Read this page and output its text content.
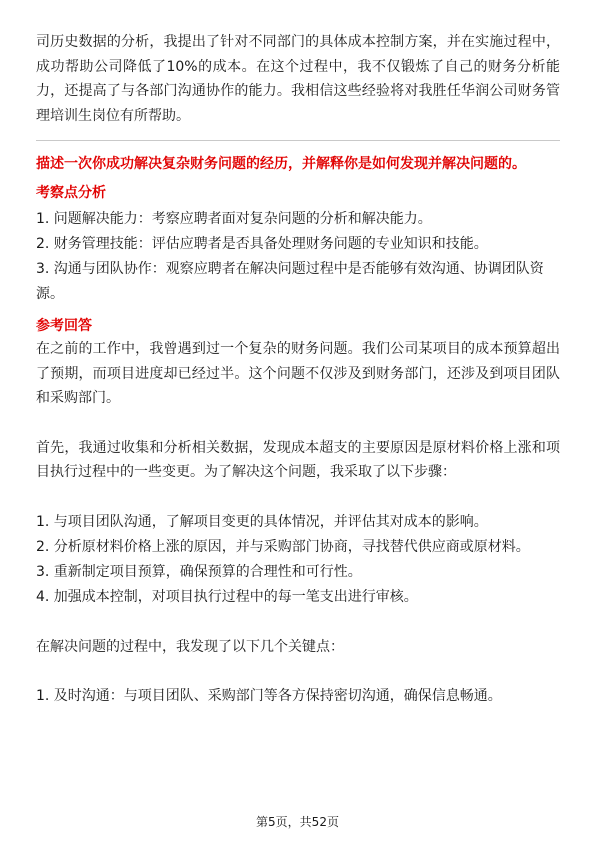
司历史数据的分析，我提出了针对不同部门的具体成本控制方案，并在实施过程中，成功帮助公司降低了10%的成本。在这个过程中，我不仅锻炼了自己的财务分析能力，还提高了与各部门沟通协作的能力。我相信这些经验将对我胜任华润公司财务管理培训生岗位有所帮助。

描述一次你成功解决复杂财务问题的经历，并解释你是如何发现并解决问题的。

考察点分析

1. 问题解决能力：考察应聘者面对复杂问题的分析和解决能力。

2. 财务管理技能：评估应聘者是否具备处理财务问题的专业知识和技能。

3. 沟通与团队协作：观察应聘者在解决问题过程中是否能够有效沟通、协调团队资源。

参考回答

在之前的工作中，我曾遇到过一个复杂的财务问题。我们公司某项目的成本预算超出了预期，而项目进度却已经过半。这个问题不仅涉及到财务部门，还涉及到项目团队和采购部门。

首先，我通过收集和分析相关数据，发现成本超支的主要原因是原材料价格上涨和项目执行过程中的一些变更。为了解决这个问题，我采取了以下步骤：

1. 与项目团队沟通，了解项目变更的具体情况，并评估其对成本的影响。

2. 分析原材料价格上涨的原因，并与采购部门协商，寻找替代供应商或原材料。

3. 重新制定项目预算，确保预算的合理性和可行性。

4. 加强成本控制，对项目执行过程中的每一笔支出进行审核。

在解决问题的过程中，我发现了以下几个关键点：

1. 及时沟通：与项目团队、采购部门等各方保持密切沟通，确保信息畅通。

第5页，共52页
